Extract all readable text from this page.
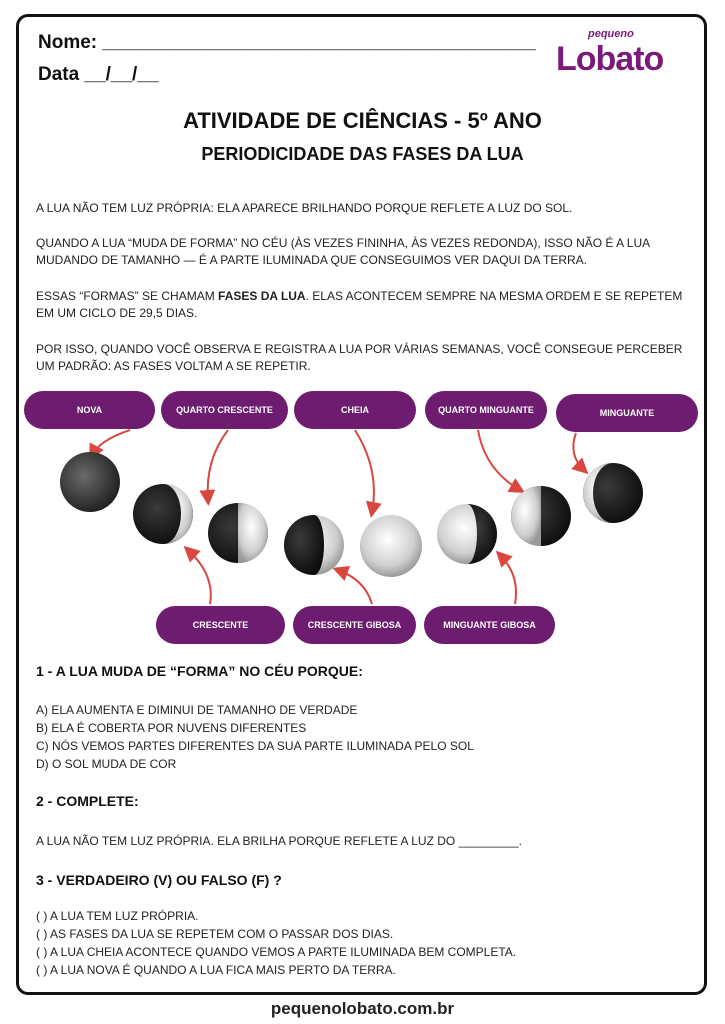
Nome: _________________________________________
Data __/__/__
pequeno
Lobato
ATIVIDADE DE CIÊNCIAS - 5º ANO
PERIODICIDADE DAS FASES DA LUA
A LUA NÃO TEM LUZ PRÓPRIA: ELA APARECE BRILHANDO PORQUE REFLETE A LUZ DO SOL.
QUANDO A LUA “MUDA DE FORMA” NO CÉU (ÀS VEZES FININHA, ÀS VEZES REDONDA), ISSO NÃO É A LUA
MUDANDO DE TAMANHO — É A PARTE ILUMINADA QUE CONSEGUIMOS VER DAQUI DA TERRA.
ESSAS “FORMAS” SE CHAMAM FASES DA LUA. ELAS ACONTECEM SEMPRE NA MESMA ORDEM E SE REPETEM
EM UM CICLO DE 29,5 DIAS.
POR ISSO, QUANDO VOCÊ OBSERVA E REGISTRA A LUA POR VÁRIAS SEMANAS, VOCÊ CONSEGUE PERCEBER
UM PADRÃO: AS FASES VOLTAM A SE REPETIR.
NOVA	QUARTO CRESCENTE	CHEIA	QUARTO MINGUANTE	MINGUANTE
CRESCENTE	CRESCENTE GIBOSA	MINGUANTE GIBOSA
1 - A LUA MUDA DE “FORMA” NO CÉU PORQUE:
A) ELA AUMENTA E DIMINUI DE TAMANHO DE VERDADE
B) ELA É COBERTA POR NUVENS DIFERENTES
C) NÓS VEMOS PARTES DIFERENTES DA SUA PARTE ILUMINADA PELO SOL
D) O SOL MUDA DE COR
2 - COMPLETE:
A LUA NÃO TEM LUZ PRÓPRIA. ELA BRILHA PORQUE REFLETE A LUZ DO _________.
3 - VERDADEIRO (V) OU FALSO (F) ?
( ) A LUA TEM LUZ PRÓPRIA.
( ) AS FASES DA LUA SE REPETEM COM O PASSAR DOS DIAS.
( ) A LUA CHEIA ACONTECE QUANDO VEMOS A PARTE ILUMINADA BEM COMPLETA.
( ) A LUA NOVA É QUANDO A LUA FICA MAIS PERTO DA TERRA.
pequenolobato.com.br
